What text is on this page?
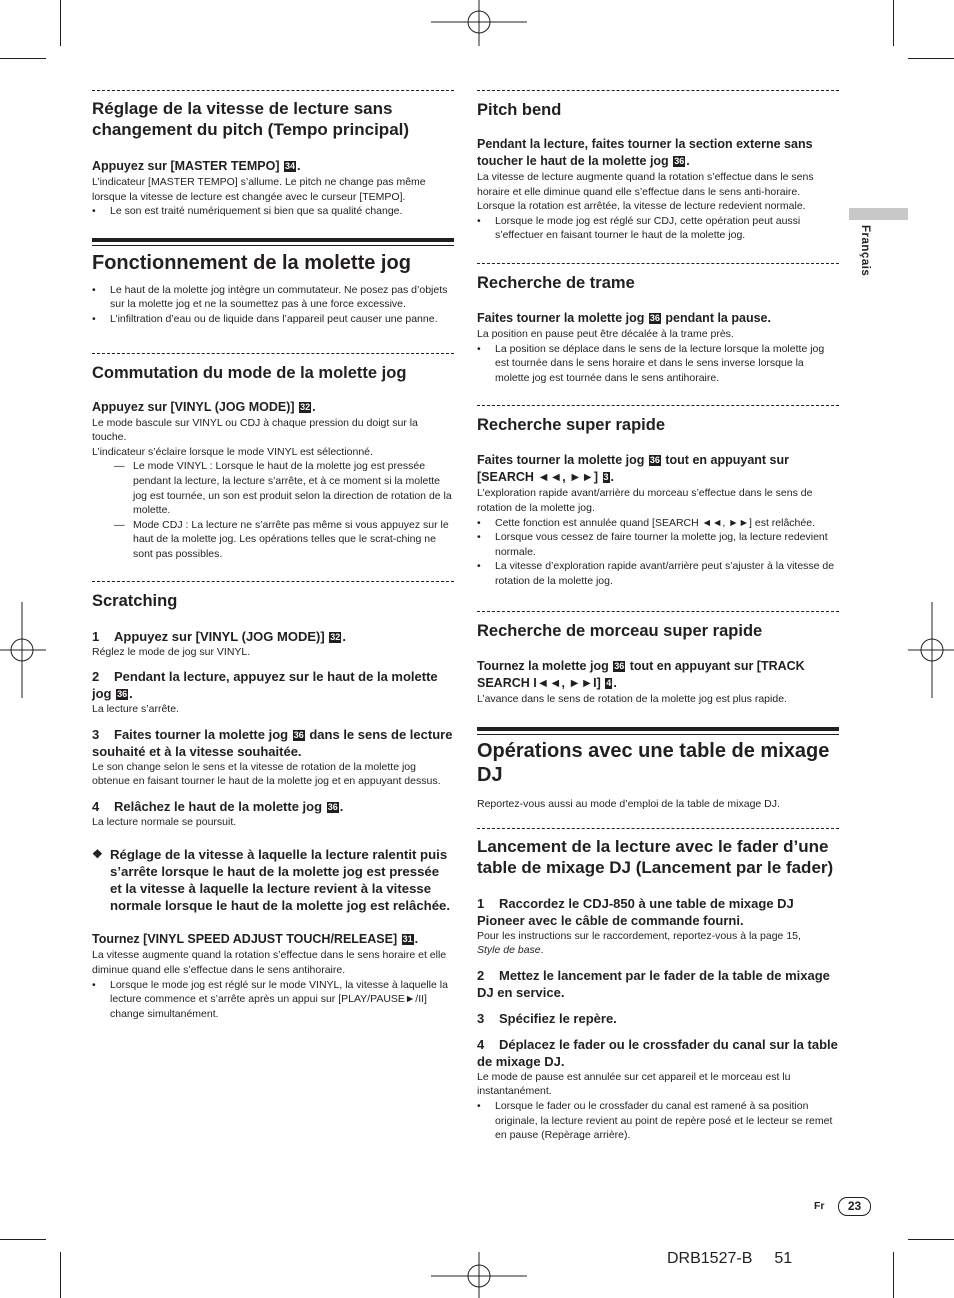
Français
Réglage de la vitesse de lecture sans changement du pitch (Tempo principal)

Appuyez sur [MASTER TEMPO] 34 .

L’indicateur [MASTER TEMPO] s’allume. Le pitch ne change pas même lorsque la vitesse de lecture est changée avec le curseur [TEMPO].

• Le son est traité numériquement si bien que sa qualité change.

Fonctionnement de la molette jog

• Le haut de la molette jog intègre un commutateur. Ne posez pas d’objets sur la molette jog et ne la soumettez pas à une force excessive.

• L’infiltration d’eau ou de liquide dans l’appareil peut causer une panne.

Commutation du mode de la molette jog

Appuyez sur [VINYL (JOG MODE)] 32 .

Le mode bascule sur VINYL ou CDJ à chaque pression du doigt sur la touche.

L’indicateur s’éclaire lorsque le mode VINYL est sélectionné.

— Le mode VINYL : Lorsque le haut de la molette jog est pressée pendant la lecture, la lecture s’arrête, et à ce moment si la molette jog est tournée, un son est produit selon la direction de rotation de la molette.

— Mode CDJ : La lecture ne s’arrête pas même si vous appuyez sur le haut de la molette jog. Les opérations telles que le scrat-ching ne sont pas possibles.

Scratching

1 Appuyez sur [VINYL (JOG MODE)] 32 .

Réglez le mode de jog sur VINYL.

2 Pendant la lecture, appuyez sur le haut de la molette jog 36 .

La lecture s’arrête.

3 Faites tourner la molette jog 36 dans le sens de lecture souhaité et à la vitesse souhaitée.

Le son change selon le sens et la vitesse de rotation de la molette jog obtenue en faisant tourner le haut de la molette jog et en appuyant dessus.

4 Relâchez le haut de la molette jog 36 .

La lecture normale se poursuit.

❖ Réglage de la vitesse à laquelle la lecture ralentit puis s’arrête lorsque le haut de la molette jog est pressée et la vitesse à laquelle la lecture revient à la vitesse normale lorsque le haut de la molette jog est relâchée.

Tournez [VINYL SPEED ADJUST TOUCH/RELEASE] 31 .

La vitesse augmente quand la rotation s’effectue dans le sens horaire et elle diminue quand elle s’effectue dans le sens antihoraire.

• Lorsque le mode jog est réglé sur le mode VINYL, la vitesse à laquelle la lecture commence et s’arrête après un appui sur [PLAY/PAUSE►/II] change simultanément.

Pitch bend

Pendant la lecture, faites tourner la section externe sans toucher le haut de la molette jog 36 .

La vitesse de lecture augmente quand la rotation s’effectue dans le sens horaire et elle diminue quand elle s’effectue dans le sens anti-horaire. Lorsque la rotation est arrêtée, la vitesse de lecture redevient normale.

• Lorsque le mode jog est réglé sur CDJ, cette opération peut aussi s’effectuer en faisant tourner le haut de la molette jog.

Recherche de trame

Faites tourner la molette jog 36 pendant la pause.

La position en pause peut être décalée à la trame près.

• La position se déplace dans le sens de la lecture lorsque la molette jog est tournée dans le sens horaire et dans le sens inverse lorsque la molette jog est tournée dans le sens antihoraire.

Recherche super rapide

Faites tourner la molette jog 36 tout en appuyant sur [SEARCH ◄◄, ►►] 3 .

L’exploration rapide avant/arrière du morceau s’effectue dans le sens de rotation de la molette jog.

• Cette fonction est annulée quand [SEARCH ◄◄, ►►] est relâchée.

• Lorsque vous cessez de faire tourner la molette jog, la lecture redevient normale.

• La vitesse d’exploration rapide avant/arrière peut s’ajuster à la vitesse de rotation de la molette jog.

Recherche de morceau super rapide

Tournez la molette jog 36 tout en appuyant sur [TRACK SEARCH I◄◄, ►►I] 4 .

L’avance dans le sens de rotation de la molette jog est plus rapide.

Opérations avec une table de mixage DJ

Reportez-vous aussi au mode d’emploi de la table de mixage DJ.

Lancement de la lecture avec le fader d’une table de mixage DJ (Lancement par le fader)

1 Raccordez le CDJ-850 à une table de mixage DJ Pioneer avec le câble de commande fourni.

Pour les instructions sur le raccordement, reportez-vous à la page 15,
Style de base.

2 Mettez le lancement par le fader de la table de mixage DJ en service.

3 Spécifiez le repère.

4 Déplacez le fader ou le crossfader du canal sur la table de mixage DJ.

Le mode de pause est annulée sur cet appareil et le morceau est lu instantanément.

• Lorsque le fader ou le crossfader du canal est ramené à sa position originale, la lecture revient au point de repère posé et le lecteur se remet en pause (Repèrage arrière).

Fr	23
DRB1527-B 51
